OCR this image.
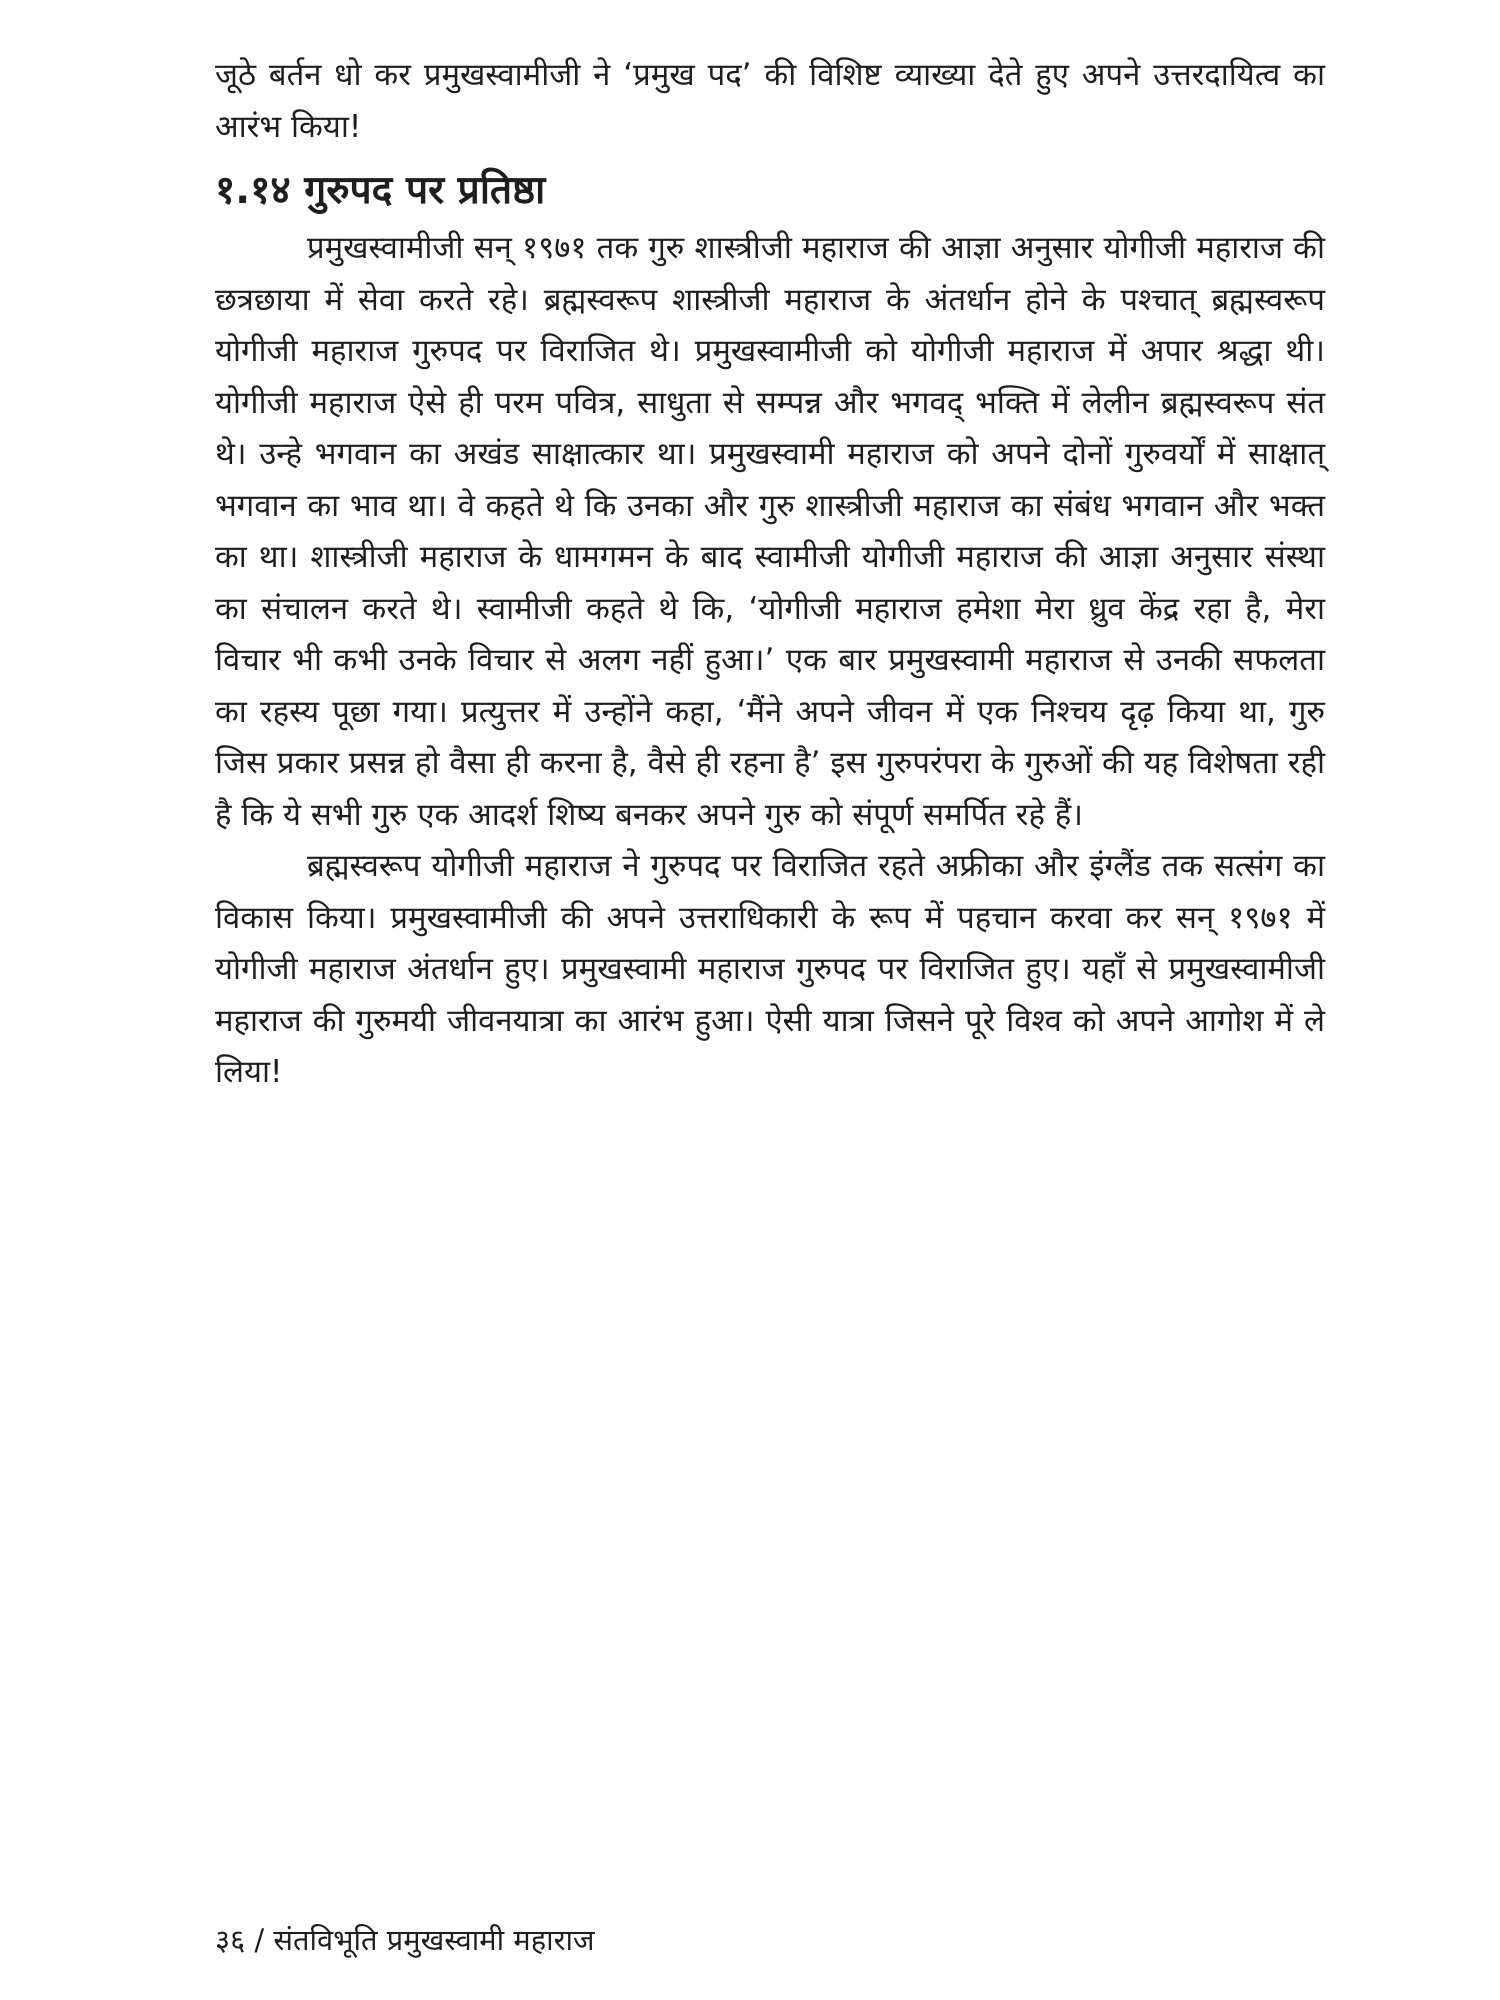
जूठे बर्तन धो कर प्रमुखस्वामीजी ने ‘प्रमुख पद’ की विशिष्ट व्याख्या देते हुए अपने उत्तरदायित्व का आरंभ किया!

१.१४ गुरुपद पर प्रतिष्ठा

प्रमुखस्वामीजी सन् १९७१ तक गुरु शास्त्रीजी महाराज की आज्ञा अनुसार योगीजी महाराज की छत्रछाया में सेवा करते रहे। ब्रह्मस्वरूप शास्त्रीजी महाराज के अंतर्धान होने के पश्चात् ब्रह्मस्वरूप योगीजी महाराज गुरुपद पर विराजित थे। प्रमुखस्वामीजी को योगीजी महाराज में अपार श्रद्धा थी। योगीजी महाराज ऐसे ही परम पवित्र, साधुता से सम्पन्न और भगवद् भक्ति में लेलीन ब्रह्मस्वरूप संत थे। उन्हे भगवान का अखंड साक्षात्कार था। प्रमुखस्वामी महाराज को अपने दोनों गुरुवर्यों में साक्षात् भगवान का भाव था। वे कहते थे कि उनका और गुरु शास्त्रीजी महाराज का संबंध भगवान और भक्त का था। शास्त्रीजी महाराज के धामगमन के बाद स्वामीजी योगीजी महाराज की आज्ञा अनुसार संस्था का संचालन करते थे। स्वामीजी कहते थे कि, ‘योगीजी महाराज हमेशा मेरा ध्रुव केंद्र रहा है, मेरा विचार भी कभी उनके विचार से अलग नहीं हुआ।’ एक बार प्रमुखस्वामी महाराज से उनकी सफलता का रहस्य पूछा गया। प्रत्युत्तर में उन्होंने कहा, ‘मैंने अपने जीवन में एक निश्चय दृढ़ किया था, गुरु जिस प्रकार प्रसन्न हो वैसा ही करना है, वैसे ही रहना है’ इस गुरुपरंपरा के गुरुओं की यह विशेषता रही है कि ये सभी गुरु एक आदर्श शिष्य बनकर अपने गुरु को संपूर्ण समर्पित रहे हैं।

ब्रह्मस्वरूप योगीजी महाराज ने गुरुपद पर विराजित रहते अफ्रीका और इंग्लैंड तक सत्संग का विकास किया। प्रमुखस्वामीजी की अपने उत्तराधिकारी के रूप में पहचान करवा कर सन् १९७१ में योगीजी महाराज अंतर्धान हुए। प्रमुखस्वामी महाराज गुरुपद पर विराजित हुए। यहाँ से प्रमुखस्वामीजी महाराज की गुरुमयी जीवनयात्रा का आरंभ हुआ। ऐसी यात्रा जिसने पूरे विश्व को अपने आगोश में ले लिया!

३६ / संतविभूति प्रमुखस्वामी महाराज
